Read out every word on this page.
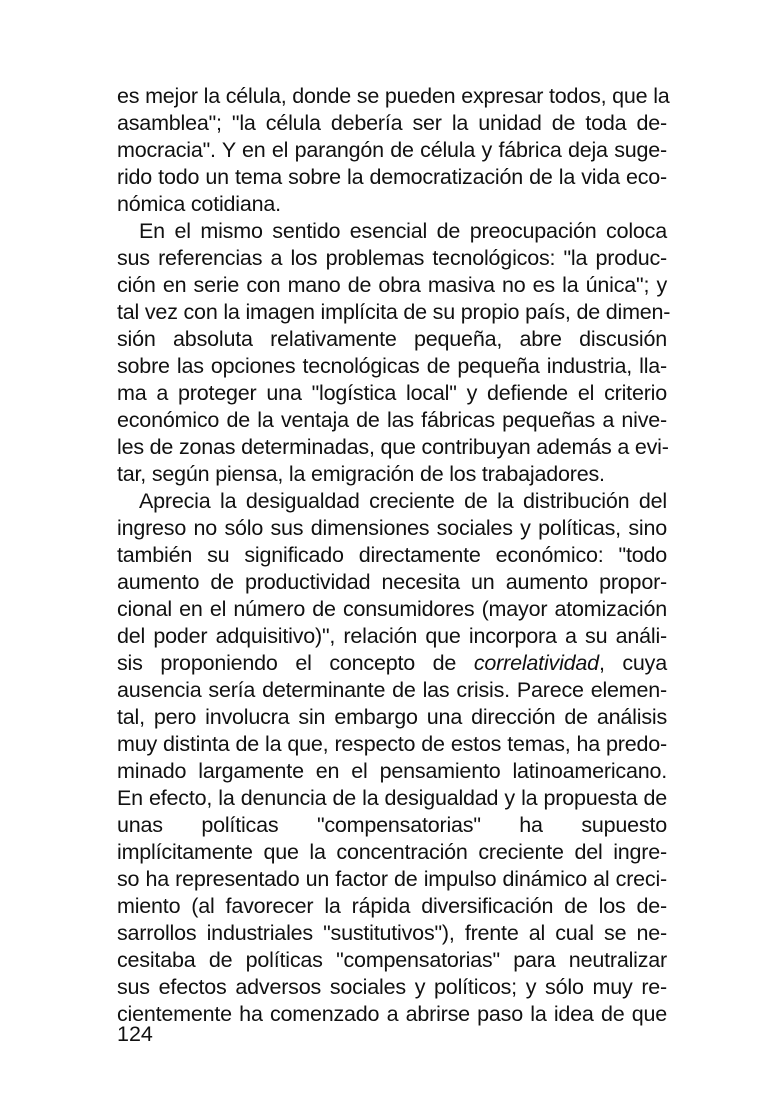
es mejor la célula, donde se pueden expresar todos, que la
asamblea"; "la célula debería ser la unidad de toda de-
mocracia". Y en el parangón de célula y fábrica deja suge-
rido todo un tema sobre la democratización de la vida eco-
nómica cotidiana.
En el mismo sentido esencial de preocupación coloca
sus referencias a los problemas tecnológicos: "la produc-
ción en serie con mano de obra masiva no es la única"; y
tal vez con la imagen implícita de su propio país, de dimen-
sión absoluta relativamente pequeña, abre discusión
sobre las opciones tecnológicas de pequeña industria, lla-
ma a proteger una "logística local" y defiende el criterio
económico de la ventaja de las fábricas pequeñas a nive-
les de zonas determinadas, que contribuyan además a evi-
tar, según piensa, la emigración de los trabajadores.
Aprecia la desigualdad creciente de la distribución del
ingreso no sólo sus dimensiones sociales y políticas, sino
también su significado directamente económico: "todo
aumento de productividad necesita un aumento propor-
cional en el número de consumidores (mayor atomización
del poder adquisitivo)", relación que incorpora a su análi-
sis proponiendo el concepto de correlatividad, cuya
ausencia sería determinante de las crisis. Parece elemen-
tal, pero involucra sin embargo una dirección de análisis
muy distinta de la que, respecto de estos temas, ha predo-
minado largamente en el pensamiento latinoamericano.
En efecto, la denuncia de la desigualdad y la propuesta de
unas políticas "compensatorias" ha supuesto
implícitamente que la concentración creciente del ingre-
so ha representado un factor de impulso dinámico al creci-
miento (al favorecer la rápida diversificación de los de-
sarrollos industriales "sustitutivos"), frente al cual se ne-
cesitaba de políticas "compensatorias" para neutralizar
sus efectos adversos sociales y políticos; y sólo muy re-
cientemente ha comenzado a abrirse paso la idea de que
124
